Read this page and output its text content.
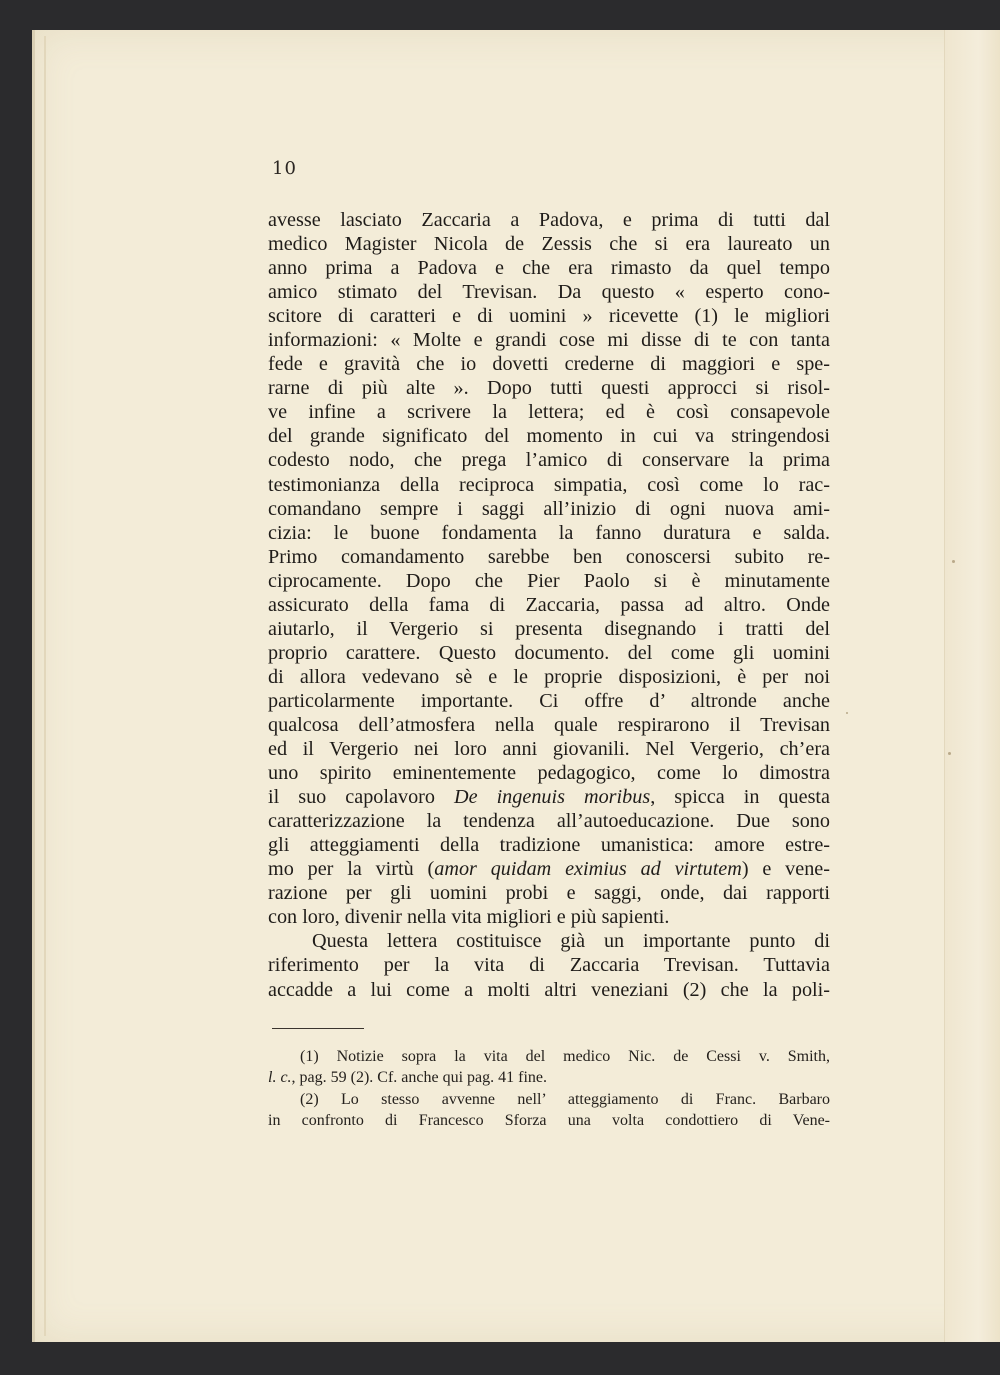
10
avesse lasciato Zaccaria a Padova, e prima di tutti dal
medico Magister Nicola de Zessis che si era laureato un
anno prima a Padova e che era rimasto da quel tempo
amico stimato del Trevisan. Da questo « esperto cono-
scitore di caratteri e di uomini » ricevette (1) le migliori
informazioni: « Molte e grandi cose mi disse di te con tanta
fede e gravità che io dovetti crederne di maggiori e spe-
rarne di più alte ». Dopo tutti questi approcci si risol-
ve infine a scrivere la lettera; ed è così consapevole
del grande significato del momento in cui va stringendosi
codesto nodo, che prega l’amico di conservare la prima
testimonianza della reciproca simpatia, così come lo rac-
comandano sempre i saggi all’inizio di ogni nuova ami-
cizia: le buone fondamenta la fanno duratura e salda.
Primo comandamento sarebbe ben conoscersi subito re-
ciprocamente. Dopo che Pier Paolo si è minutamente
assicurato della fama di Zaccaria, passa ad altro. Onde
aiutarlo, il Vergerio si presenta disegnando i tratti del
proprio carattere. Questo documento. del come gli uomini
di allora vedevano sè e le proprie disposizioni, è per noi
particolarmente importante. Ci offre d’ altronde anche
qualcosa dell’atmosfera nella quale respirarono il Trevisan
ed il Vergerio nei loro anni giovanili. Nel Vergerio, ch’era
uno spirito eminentemente pedagogico, come lo dimostra
il suo capolavoro De ingenuis moribus, spicca in questa
caratterizzazione la tendenza all’autoeducazione. Due sono
gli atteggiamenti della tradizione umanistica: amore estre-
mo per la virtù (amor quidam eximius ad virtutem) e vene-
razione per gli uomini probi e saggi, onde, dai rapporti
con loro, divenir nella vita migliori e più sapienti.
Questa lettera costituisce già un importante punto di
riferimento per la vita di Zaccaria Trevisan. Tuttavia
accadde a lui come a molti altri veneziani (2) che la poli-
(1) Notizie sopra la vita del medico Nic. de Cessi v. Smith,
l. c., pag. 59 (2). Cf. anche qui pag. 41 fine.
(2) Lo stesso avvenne nell’ atteggiamento di Franc. Barbaro
in confronto di Francesco Sforza una volta condottiero di Vene-
